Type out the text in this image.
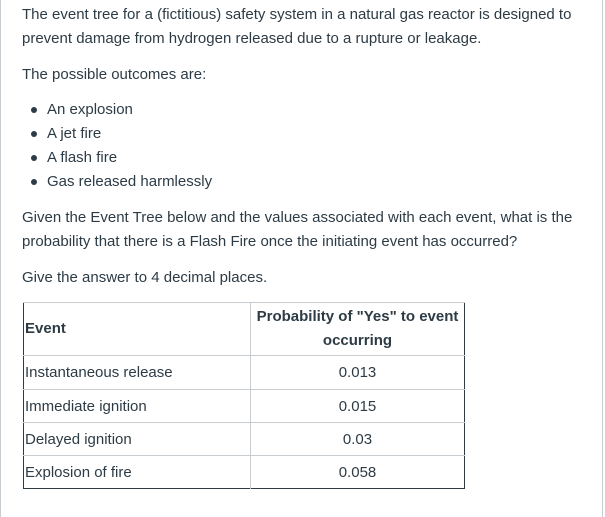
The event tree for a (fictitious) safety system in a natural gas reactor is designed to prevent damage from hydrogen released due to a rupture or leakage.

The possible outcomes are:

An explosion
A jet fire
A flash fire
Gas released harmlessly

Given the Event Tree below and the values associated with each event, what is the probability that there is a Flash Fire once the initiating event has occurred?

Give the answer to 4 decimal places.

Event	Probability of "Yes" to event occurring
Instantaneous release	0.013
Immediate ignition	0.015
Delayed ignition	0.03
Explosion of fire	0.058
